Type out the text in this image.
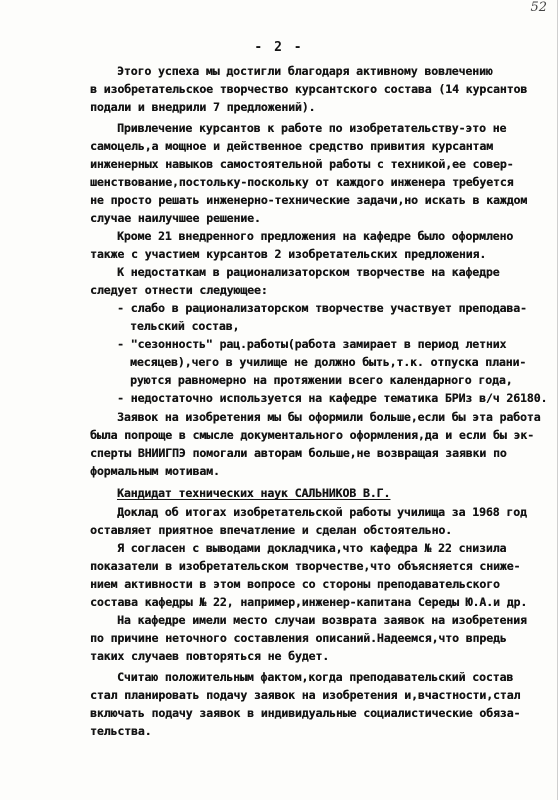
52
- 2 -
Этого успеха мы достигли благодаря активному вовлечению
в изобретательское творчество курсантского состава (14 курсантов
подали и внедрили 7 предложений).
Привлечение курсантов к работе по изобретательству-это не
самоцель,а мощное и действенное средство привития курсантам
инженерных навыков самостоятельной работы с техникой,ее совер-
шенствование,постольку-поскольку от каждого инженера требуется
не просто решать инженерно-технические задачи,но искать в каждом
случае наилучшее решение.
Кроме 21 внедренного предложения на кафедре было оформлено
также с участием курсантов 2 изобретательских предложения.
К недостаткам в рационализаторском творчестве на кафедре
следует отнести следующее:
- слабо в рационализаторском творчестве участвует преподава-
тельский состав,
- "сезонность" рац.работы(работа замирает в период летних
месяцев),чего в училище не должно быть,т.к. отпуска плани-
руются равномерно на протяжении всего календарного года,
- недостаточно используется на кафедре тематика БРИз в/ч 26180.
Заявок на изобретения мы бы оформили больше,если бы эта работа
была попроще в смысле документального оформления,да и если бы эк-
сперты ВНИИГПЭ помогали авторам больше,не возвращая заявки по
формальным мотивам.
Кандидат технических наук САЛЬНИКОВ В.Г.
Доклад об итогах изобретательской работы училища за 1968 год
оставляет приятное впечатление и сделан обстоятельно.
Я согласен с выводами докладчика,что кафедра № 22 снизила
показатели в изобретательском творчестве,что объясняется сниже-
нием активности в этом вопросе со стороны преподавательского
состава кафедры № 22, например,инженер-капитана Середы Ю.А.и др.
На кафедре имели место случаи возврата заявок на изобретения
по причине неточного составления описаний.Надеемся,что впредь
таких случаев повторяться не будет.
Считаю положительным фактом,когда преподавательский состав
стал планировать подачу заявок на изобретения и,вчастности,стал
включать подачу заявок в индивидуальные социалистические обяза-
тельства.
